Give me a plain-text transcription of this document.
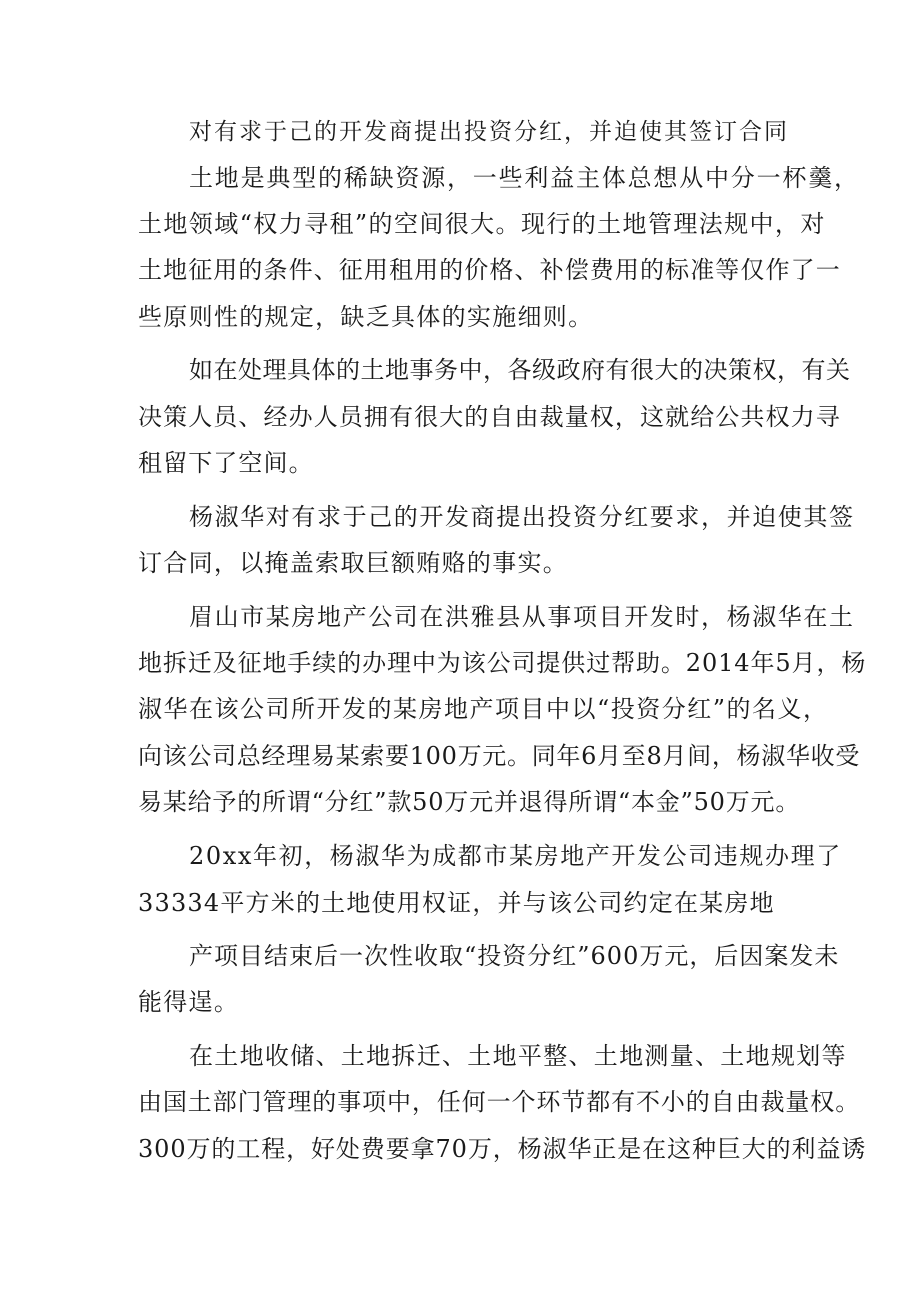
对有求于己的开发商提出投资分红，并迫使其签订合同
土地是典型的稀缺资源，一些利益主体总想从中分一杯羹，
土地领域“权力寻租”的空间很大。现行的土地管理法规中，对
土地征用的条件、征用租用的价格、补偿费用的标准等仅作了一
些原则性的规定，缺乏具体的实施细则。
如在处理具体的土地事务中，各级政府有很大的决策权，有关
决策人员、经办人员拥有很大的自由裁量权，这就给公共权力寻
租留下了空间。
杨淑华对有求于己的开发商提出投资分红要求，并迫使其签
订合同，以掩盖索取巨额贿赂的事实。
眉山市某房地产公司在洪雅县从事项目开发时，杨淑华在土
地拆迁及征地手续的办理中为该公司提供过帮助。2014年5月，杨
淑华在该公司所开发的某房地产项目中以“投资分红”的名义，
向该公司总经理易某索要100万元。同年6月至8月间，杨淑华收受
易某给予的所谓“分红”款50万元并退得所谓“本金”50万元。
20xx年初，杨淑华为成都市某房地产开发公司违规办理了
33334平方米的土地使用权证，并与该公司约定在某房地
产项目结束后一次性收取“投资分红”600万元，后因案发未
能得逞。
在土地收储、土地拆迁、土地平整、土地测量、土地规划等
由国土部门管理的事项中，任何一个环节都有不小的自由裁量权。
300万的工程，好处费要拿70万，杨淑华正是在这种巨大的利益诱
